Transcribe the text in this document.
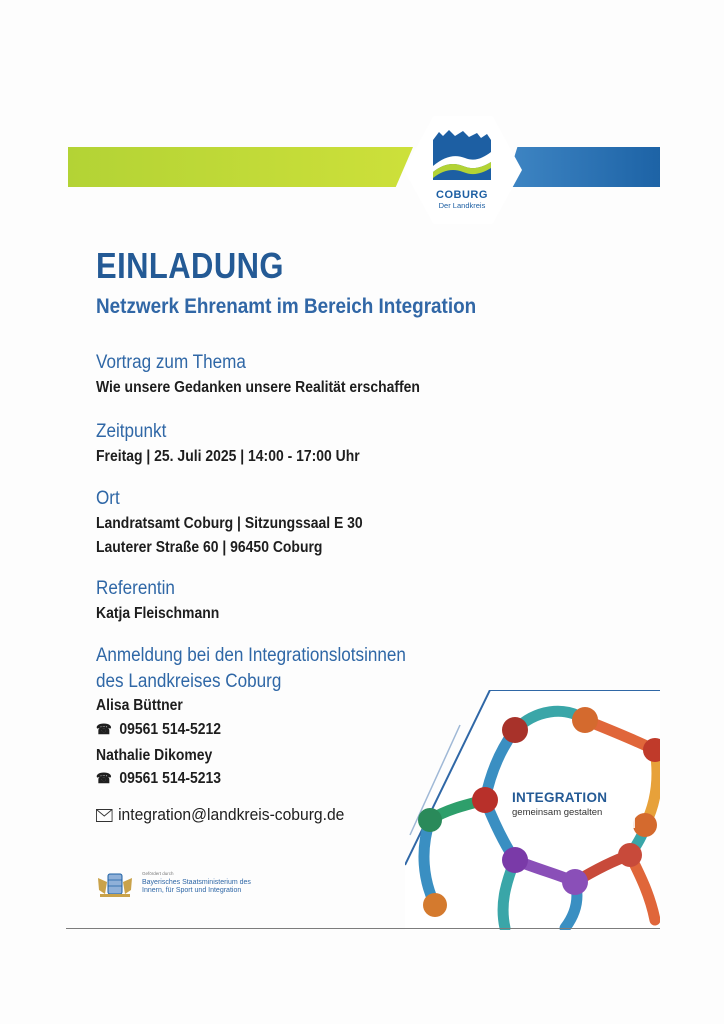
COBURG
Der Landkreis
EINLADUNG
Netzwerk Ehrenamt im Bereich Integration
Vortrag zum Thema
Wie unsere Gedanken unsere Realität erschaffen
Zeitpunkt
Freitag | 25. Juli 2025 | 14:00 - 17:00 Uhr
Ort
Landratsamt Coburg | Sitzungssaal E 30
Lauterer Straße 60 | 96450 Coburg
Referentin
Katja Fleischmann
Anmeldung bei den Integrationslotsinnen
des Landkreises Coburg
Alisa Büttner
☎ 09561 514-5212
Nathalie Dikomey
☎ 09561 514-5213
integration@landkreis-coburg.de
INTEGRATION
gemeinsam gestalten
Gefördert durch
Bayerisches Staatsministerium des
Innern, für Sport und Integration
